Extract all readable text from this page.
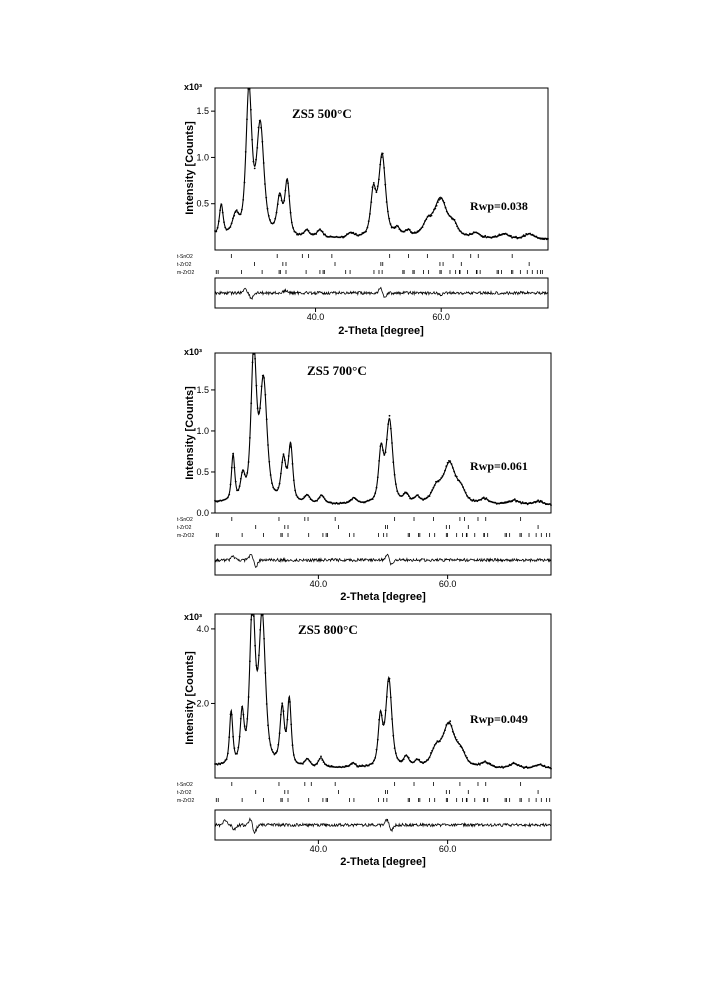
x10³
Intensity [Counts] 0.5
1.0
1.5	ZS5 500°C
Rwp=0.038
t-SnO2
t-ZrO2
m-ZrO2
40.0	60.0
2-Theta [degree]
x10³
Intensity [Counts]
0.0
0.5
1.0
1.5
ZS5 700°C
Rwp=0.061
t-SnO2
t-ZrO2
m-ZrO2
40.0	60.0
2-Theta [degree]
x10³
Intensity [Counts] 2.0
4.0	ZS5 800°C
Rwp=0.049
t-SnO2
t-ZrO2
m-ZrO2
40.0	60.0
2-Theta [degree]
